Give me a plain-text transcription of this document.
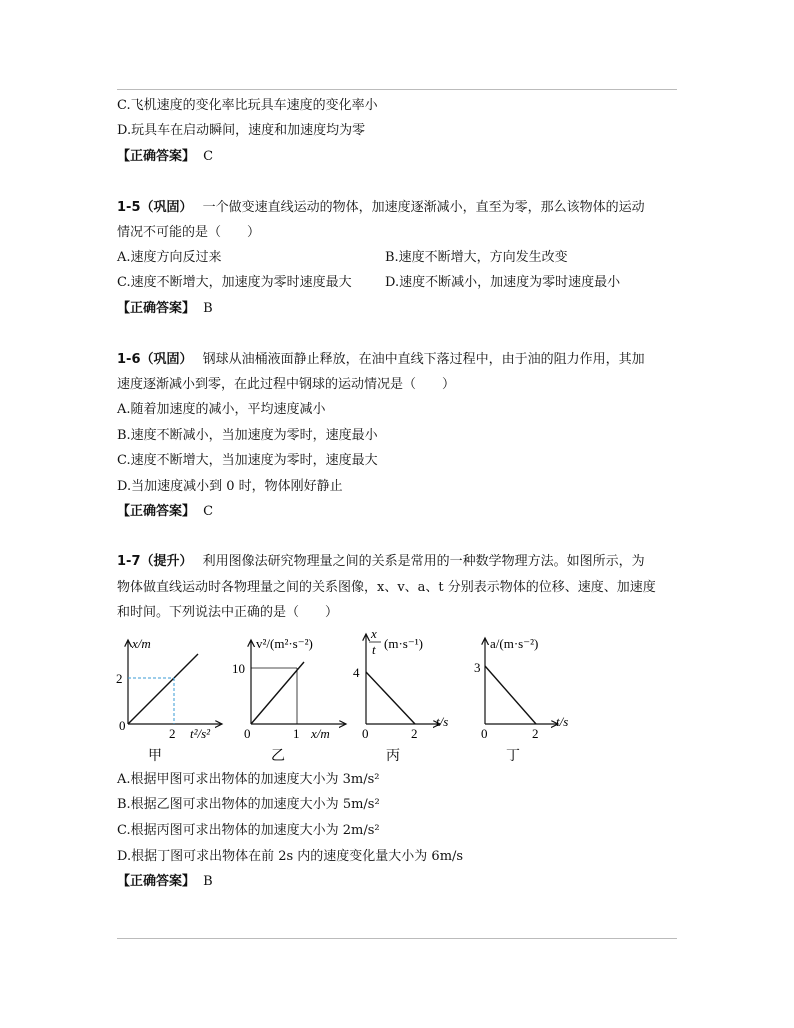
C.飞机速度的变化率比玩具车速度的变化率小
D.玩具车在启动瞬间，速度和加速度均为零
【正确答案】 C
1-5（巩固） 一个做变速直线运动的物体，加速度逐渐减小，直至为零，那么该物体的运动
情况不可能的是（　　）
A.速度方向反过来	B.速度不断增大，方向发生改变
C.速度不断增大，加速度为零时速度最大	D.速度不断减小，加速度为零时速度最小
【正确答案】 B
1-6（巩固） 钢球从油桶液面静止释放，在油中直线下落过程中，由于油的阻力作用，其加
速度逐渐减小到零，在此过程中钢球的运动情况是（　　）
A.随着加速度的减小，平均速度减小
B.速度不断减小，当加速度为零时，速度最小
C.速度不断增大，当加速度为零时，速度最大
D.当加速度减小到 0 时，物体刚好静止
【正确答案】 C
1-7（提升） 利用图像法研究物理量之间的关系是常用的一种数学物理方法。如图所示，为
物体做直线运动时各物理量之间的关系图像，x、v、a、t 分别表示物体的位移、速度、加速度
和时间。下列说法中正确的是（　　）
x/m
2
0
2 t²/s²
甲
v²/(m²·s⁻²)
10
0	1 x/m
乙
x
t (m·s⁻¹)
4
0	2
t/s
丙
a/(m·s⁻²)
3
0	2
t/s
丁
A.根据甲图可求出物体的加速度大小为 3m/s²
B.根据乙图可求出物体的加速度大小为 5m/s²
C.根据丙图可求出物体的加速度大小为 2m/s²
D.根据丁图可求出物体在前 2s 内的速度变化量大小为 6m/s
【正确答案】 B
